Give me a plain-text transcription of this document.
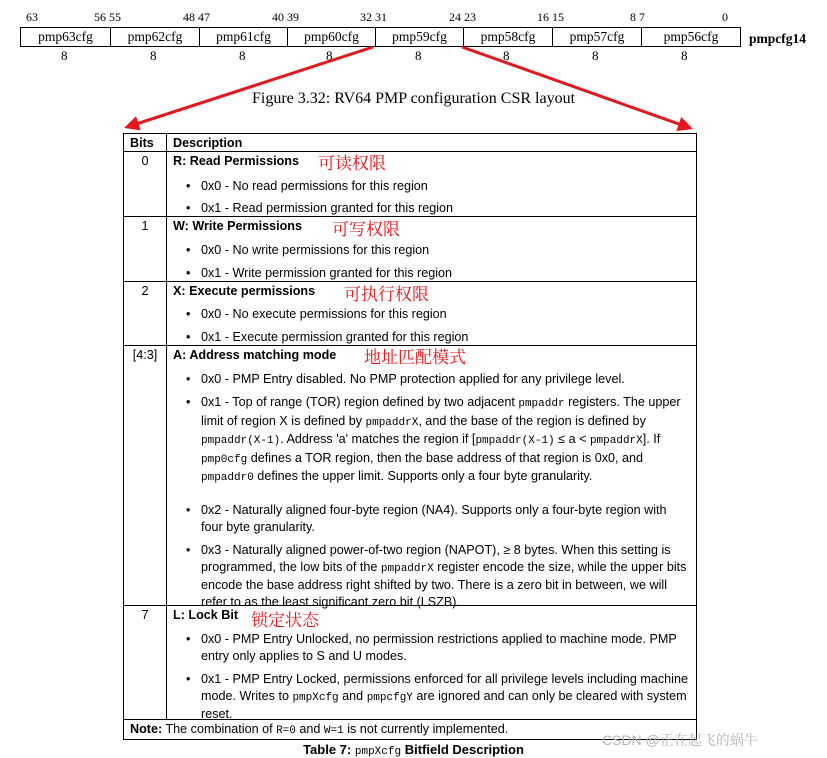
63	56 55	48 47	40 39	32 31	24 23	16 15	8 7	0
pmp63cfg	pmp62cfg	pmp61cfg	pmp60cfg	pmp59cfg	pmp58cfg	pmp57cfg	pmp56cfg	pmpcfg14
8	8	8	8	8	8	8	8
Figure 3.32: RV64 PMP configuration CSR layout
Bits Description
0	R: Read Permissions 可读权限
• 0x0 - No read permissions for this region
• 0x1 - Read permission granted for this region
1	W: Write Permissions 可写权限
• 0x0 - No write permissions for this region
• 0x1 - Write permission granted for this region
2	X: Execute permissions 可执行权限
• 0x0 - No execute permissions for this region
• 0x1 - Execute permission granted for this region
[4:3]	A: Address matching mode 地址匹配模式
• 0x0 - PMP Entry disabled. No PMP protection applied for any privilege level.
• 0x1 - Top of range (TOR) region defined by two adjacent pmpaddr registers. The upper limit of region X is defined by pmpaddrX, and the base of the region is defined by pmpaddr(X-1). Address 'a' matches the region if [pmpaddr(X-1) ≤ a < pmpaddrX]. If pmp0cfg defines a TOR region, then the base address of that region is 0x0, and pmpaddr0 defines the upper limit. Supports only a four byte granularity.
• 0x2 - Naturally aligned four-byte region (NA4). Supports only a four-byte region with four byte granularity.
• 0x3 - Naturally aligned power-of-two region (NAPOT), ≥ 8 bytes. When this setting is programmed, the low bits of the pmpaddrX register encode the size, while the upper bits encode the base address right shifted by two. There is a zero bit in between, we will refer to as the least significant zero bit (LSZB).
7	L: Lock Bit 锁定状态
• 0x0 - PMP Entry Unlocked, no permission restrictions applied to machine mode. PMP entry only applies to S and U modes.
• 0x1 - PMP Entry Locked, permissions enforced for all privilege levels including machine mode. Writes to pmpXcfg and pmpcfgY are ignored and can only be cleared with system reset.
Note: The combination of R=0 and W=1 is not currently implemented.
Table 7: pmpXcfg Bitfield Description
CSDN @正在起飞的蜗牛
